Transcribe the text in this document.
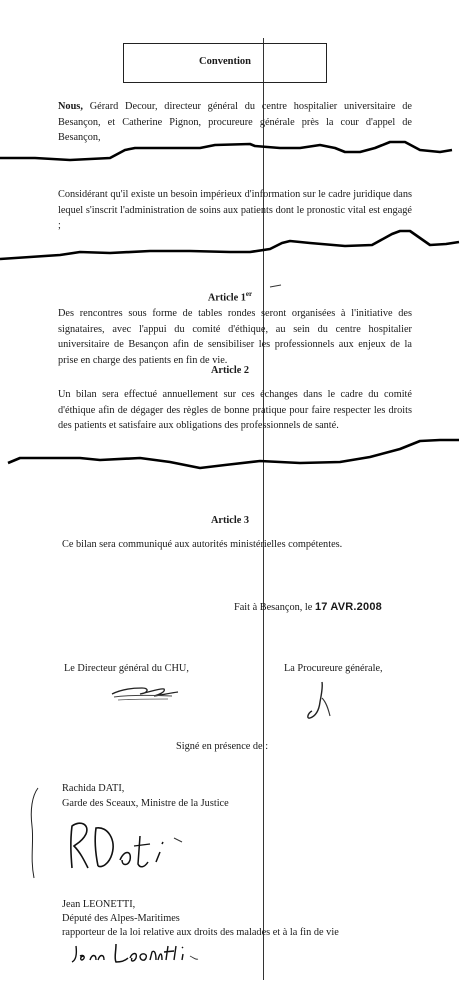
Convention

Nous, Gérard Decour, directeur général du centre hospitalier universitaire de Besançon, et Catherine Pignon, procureure générale près la cour d'appel de Besançon,

Considérant qu'il existe un besoin impérieux d'information sur le cadre juridique dans lequel s'inscrit l'administration de soins aux patients dont le pronostic vital est engagé ;

Article 1er

Des rencontres sous forme de tables rondes seront organisées à l'initiative des signataires, avec l'appui du comité d'éthique, au sein du centre hospitalier universitaire de Besançon afin de sensibiliser les professionnels aux enjeux de la prise en charge des patients en fin de vie.

Article 2

Un bilan sera effectué annuellement sur ces échanges dans le cadre du comité d'éthique afin de dégager des règles de bonne pratique pour faire respecter les droits des patients et satisfaire aux obligations des professionnels de santé.

Article 3

Ce bilan sera communiqué aux autorités ministérielles compétentes.

Fait à Besançon, le 17 AVR.2008

Le Directeur général du CHU,	La Procureure générale,

Signé en présence de :

Rachida DATI,

Garde des Sceaux, Ministre de la Justice

Jean LEONETTI,

Député des Alpes-Maritimes

rapporteur de la loi relative aux droits des malades et à la fin de vie
